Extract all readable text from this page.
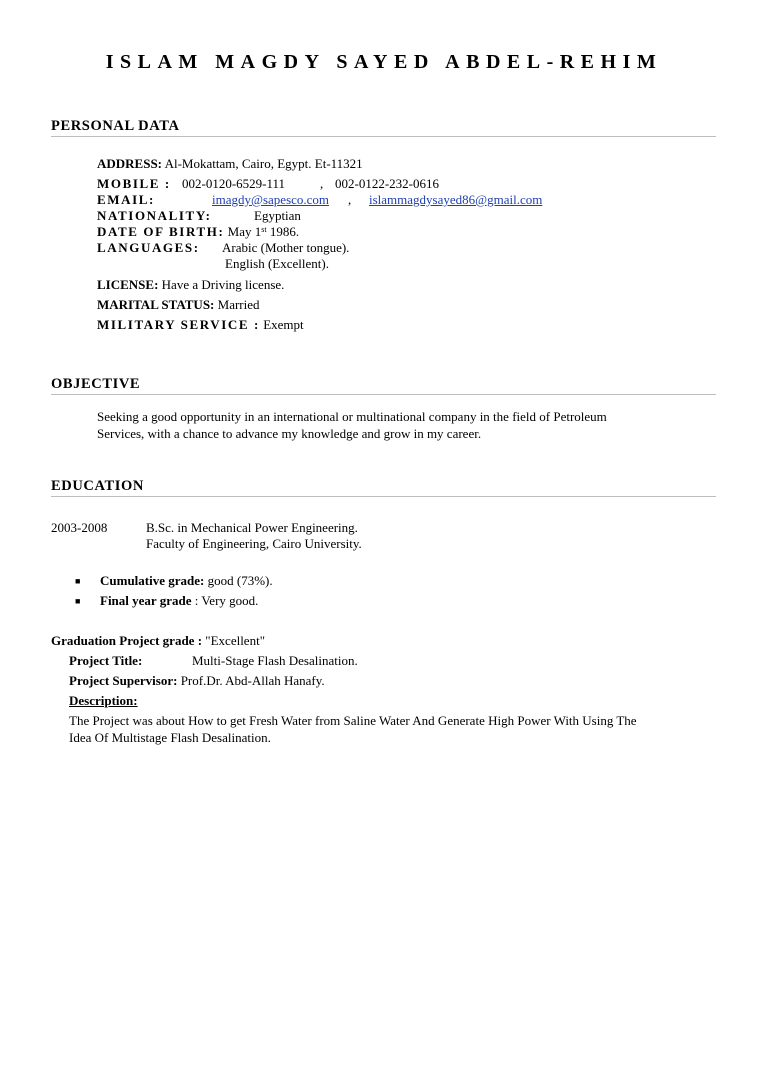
ISLAM MAGDY SAYED ABDEL-REHIM
PERSONAL DATA
ADDRESS: Al-Mokattam, Cairo, Egypt. Et-11321
MOBILE : 002-0120-6529-111	, 002-0122-232-0616
EMAIL:	imagdy@sapesco.com , islammagdysayed86@gmail.com
NATIONALITY:	Egyptian
DATE OF BIRTH: May 1st 1986.
LANGUAGES: Arabic (Mother tongue).
English (Excellent).
LICENSE: Have a Driving license.
MARITAL STATUS: Married
MILITARY SERVICE : Exempt
OBJECTIVE
Seeking a good opportunity in an international or multinational company in the field of Petroleum
Services, with a chance to advance my knowledge and grow in my career.
EDUCATION
2003-2008	B.Sc. in Mechanical Power Engineering.
Faculty of Engineering, Cairo University.
■ Cumulative grade: good (73%).
■ Final year grade : Very good.
Graduation Project grade : "Excellent"
Project Title:	Multi-Stage Flash Desalination.
Project Supervisor: Prof.Dr. Abd-Allah Hanafy.
Description:
The Project was about How to get Fresh Water from Saline Water And Generate High Power With Using The
Idea Of Multistage Flash Desalination.
